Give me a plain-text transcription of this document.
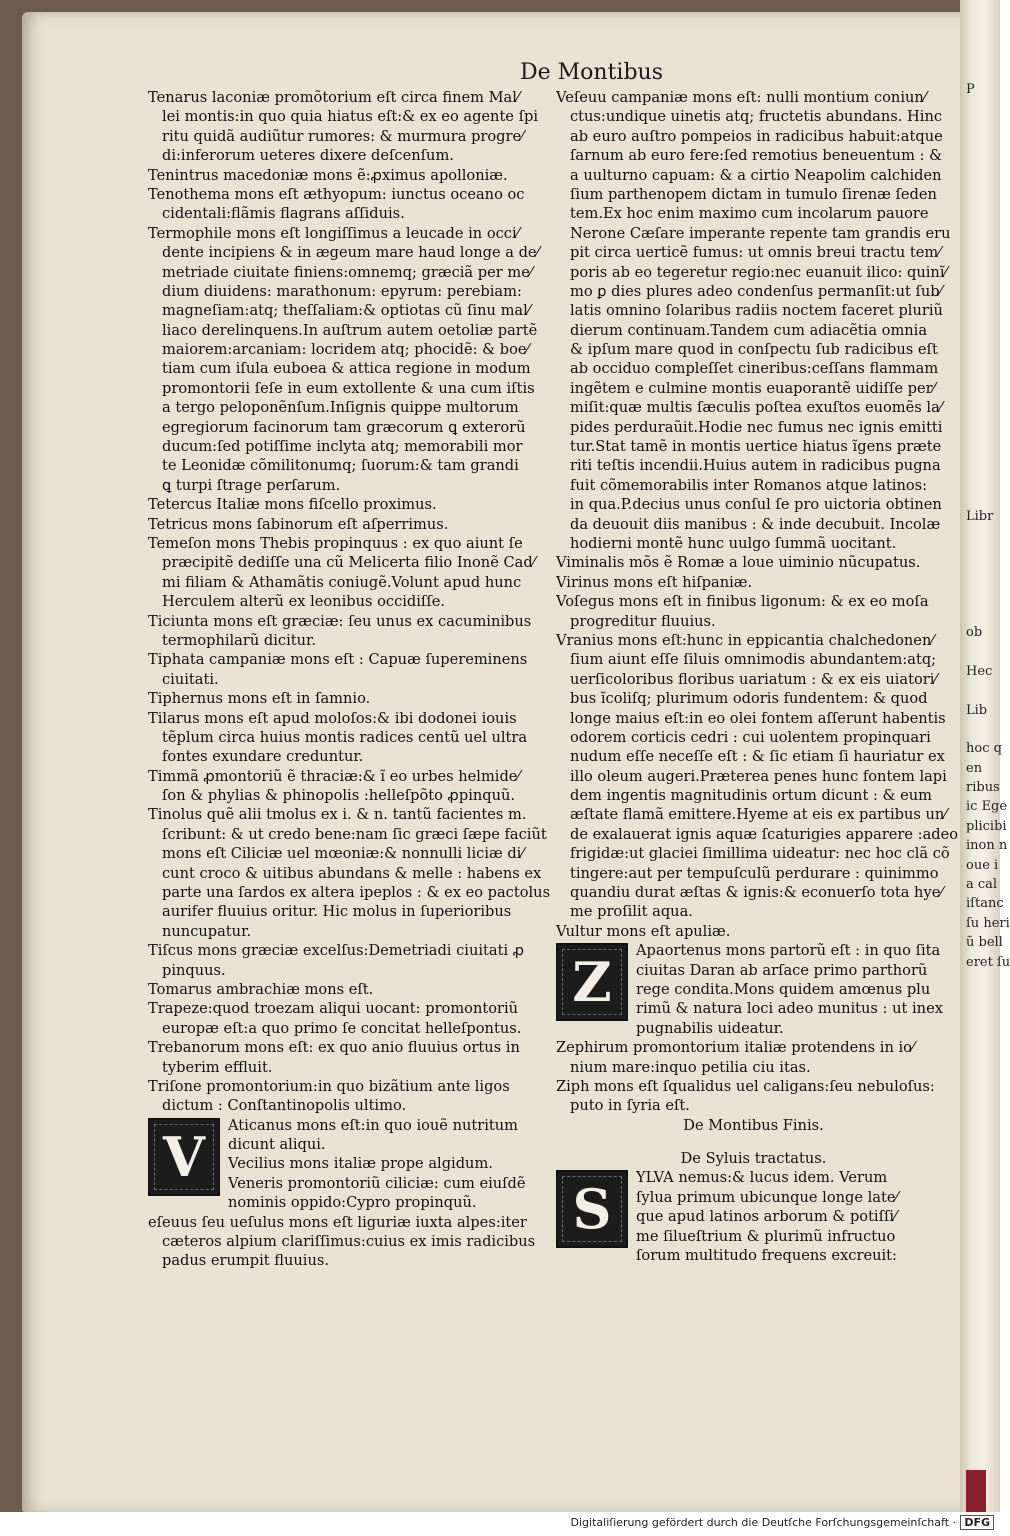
P
Libr
ob
Hec
Lib
hoc q
en
ribus
ic Ege
plicibi
inon n
oue i
a cal
iſtanc
ſu heri
ũ bell
eret ſu
De Montibus
Tenarus laconiæ promõtorium eſt circa finem Mal⁄
lei montis:in quo quia hiatus eſt:& ex eo agente ſpi
ritu quidã audiũtur rumores: & murmura progre⁄
di:inferorum ueteres dixere deſcenſum.
Tenintrus macedoniæ mons ẽ:ꝓximus apolloniæ.
Tenothema mons eſt æthyopum: iunctus oceano oc
cidentali:flãmis flagrans aſſiduis.
Termophile mons eſt longiſſimus a leucade in occi⁄
dente incipiens & in ægeum mare haud longe a de⁄
metriade ciuitate finiens:omnemq; græciã per me⁄
dium diuidens: marathonum: epyrum: perebiam:
magneſiam:atq; theſſaliam:& optiotas cũ ſinu mal⁄
liaco derelinquens.In auſtrum autem oetoliæ partẽ
maiorem:arcaniam: locridem atq; phocidẽ: & boe⁄
tiam cum iſula euboea & attica regione in modum
promontorii ſeſe in eum extollente & una cum iſtis
a tergo peloponẽnſum.Inſignis quippe multorum
egregiorum facinorum tam græcorum ꝗ exterorũ
ducum:ſed potiſſime inclyta atq; memorabili mor
te Leonidæ cõmilitonumq; ſuorum:& tam grandi
ꝗ turpi ſtrage perſarum.
Tetercus Italiæ mons fiſcello proximus.
Tetricus mons ſabinorum eſt aſperrimus.
Temeſon mons Thebis propinquus : ex quo aiunt ſe
præcipitẽ dediſſe una cũ Melicerta filio Inonẽ Cad⁄
mi filiam & Athamãtis coniugẽ.Volunt apud hunc
Herculem alterũ ex leonibus occidiſſe.
Ticiunta mons eſt græciæ: ſeu unus ex cacuminibus
termophilarũ dicitur.
Tiphata campaniæ mons eſt : Capuæ ſupereminens
ciuitati.
Tiphernus mons eſt in ſamnio.
Tilarus mons eſt apud moloſos:& ibi dodonei iouis
tẽplum circa huius montis radices centũ uel ultra
fontes exundare creduntur.
Timmã ꝓmontoriũ ẽ thraciæ:& ĩ eo urbes helmide⁄
ſon & phylias & phinopolis :helleſpõto ꝓpinquũ.
Tinolus quẽ alii tmolus ex i. & n. tantũ facientes m.
ſcribunt: & ut credo bene:nam ſic græci ſæpe faciũt
mons eſt Ciliciæ uel mœoniæ:& nonnulli liciæ di⁄
cunt croco & uitibus abundans & melle : habens ex
parte una ſardos ex altera ipeplos : & ex eo pactolus
aurifer fluuius oritur. Hic molus in ſuperioribus
nuncupatur.
Tiſcus mons græciæ excelſus:Demetriadi ciuitati ꝓ
pinquus.
Tomarus ambrachiæ mons eſt.
Trapeze:quod troezam aliqui uocant: promontoriũ
europæ eſt:a quo primo ſe concitat helleſpontus.
Trebanorum mons eſt: ex quo anio fluuius ortus in
tyberim effluit.
Triſone promontorium:in quo bizãtium ante ligos
dictum : Conſtantinopolis ultimo.
V	Aticanus mons eſt:in quo iouẽ nutritum
dicunt aliqui.
Vecilius mons italiæ prope algidum.
Veneris promontoriũ ciliciæ: cum eiuſdẽ
nominis oppido:Cypro propinquũ.
eſeuus ſeu ueſulus mons eſt liguriæ iuxta alpes:iter
cæteros alpium clariſſimus:cuius ex imis radicibus
padus erumpit fluuius.
Veſeuu campaniæ mons eſt: nulli montium coniun⁄
ctus:undique uinetis atq; fructetis abundans. Hinc
ab euro auſtro pompeios in radicibus habuit:atque
ſarnum ab euro fere:ſed remotius beneuentum : &
a uulturno capuam: & a cirtio Neapolim calchiden
ſium parthenopem dictam in tumulo ſirenæ ſeden
tem.Ex hoc enim maximo cum incolarum pauore
Nerone Cæſare imperante repente tam grandis eru
pit circa uerticẽ fumus: ut omnis breui tractu tem⁄
poris ab eo tegeretur regio:nec euanuit ilico: quinĩ⁄
mo ꝑ dies plures adeo condenſus permanſit:ut ſub⁄
latis omnino ſolaribus radiis noctem faceret pluriũ
dierum continuam.Tandem cum adiacẽtia omnia
& ipſum mare quod in conſpectu ſub radicibus eſt
ab occiduo compleſſet cineribus:ceſſans flammam
ingẽtem e culmine montis euaporantẽ uidiſſe per⁄
miſit:quæ multis ſæculis poſtea exuſtos euomẽs la⁄
pides perduraũit.Hodie nec fumus nec ignis emitti
tur.Stat tamẽ in montis uertice hiatus ĩgens præte
riti teſtis incendii.Huius autem in radicibus pugna
fuit cõmemorabilis inter Romanos atque latinos:
in qua.P.decius unus conſul ſe pro uictoria obtinen
da deuouit diis manibus : & inde decubuit. Incolæ
hodierni montẽ hunc uulgo ſummã uocitant.
Viminalis mõs ẽ Romæ a loue uiminio nũcupatus.
Virinus mons eſt hiſpaniæ.
Voſegus mons eſt in finibus ligonum: & ex eo moſa
progreditur fluuius.
Vranius mons eſt:hunc in eppicantia chalchedonen⁄
ſium aiunt eſſe ſiluis omnimodis abundantem:atq;
uerſicoloribus floribus uariatum : & ex eis uiatori⁄
bus ĩcoliſq; plurimum odoris fundentem: & quod
longe maius eſt:in eo olei fontem aſſerunt habentis
odorem corticis cedri : cui uolentem propinquari
nudum eſſe neceſſe eſt : & ſic etiam ſi hauriatur ex
illo oleum augeri.Præterea penes hunc fontem lapi
dem ingentis magnitudinis ortum dicunt : & eum
æſtate flamã emittere.Hyeme at eis ex partibus un⁄
de exalauerat ignis aquæ ſcaturigies apparere :adeo
frigidæ:ut glaciei ſimillima uideatur: nec hoc clã cõ
tingere:aut per tempuſculũ perdurare : quinimmo
quandiu durat æſtas & ignis:& econuerſo tota hye⁄
me proſilit aqua.
Vultur mons eſt apuliæ.
Z	Apaortenus mons partorũ eſt : in quo ſita
ciuitas Daran ab arſace primo parthorũ
rege condita.Mons quidem amœnus plu
rimũ & natura loci adeo munitus : ut inex
pugnabilis uideatur.
Zephirum promontorium italiæ protendens in io⁄
nium mare:inquo petilia ciu itas.
Ziph mons eſt ſqualidus uel caligans:ſeu nebuloſus:
puto in ſyria eſt.
De Montibus Finis.
De Syluis tractatus.
S	YLVA nemus:& lucus idem. Verum
ſylua primum ubicunque longe late⁄
que apud latinos arborum & potiſſi⁄
me ſilueſtrium & plurimũ infructuo
ſorum multitudo frequens excreuit:
Digitaliſierung gefördert durch die Deutſche Forſchungsgemeinſchaft · DFG
